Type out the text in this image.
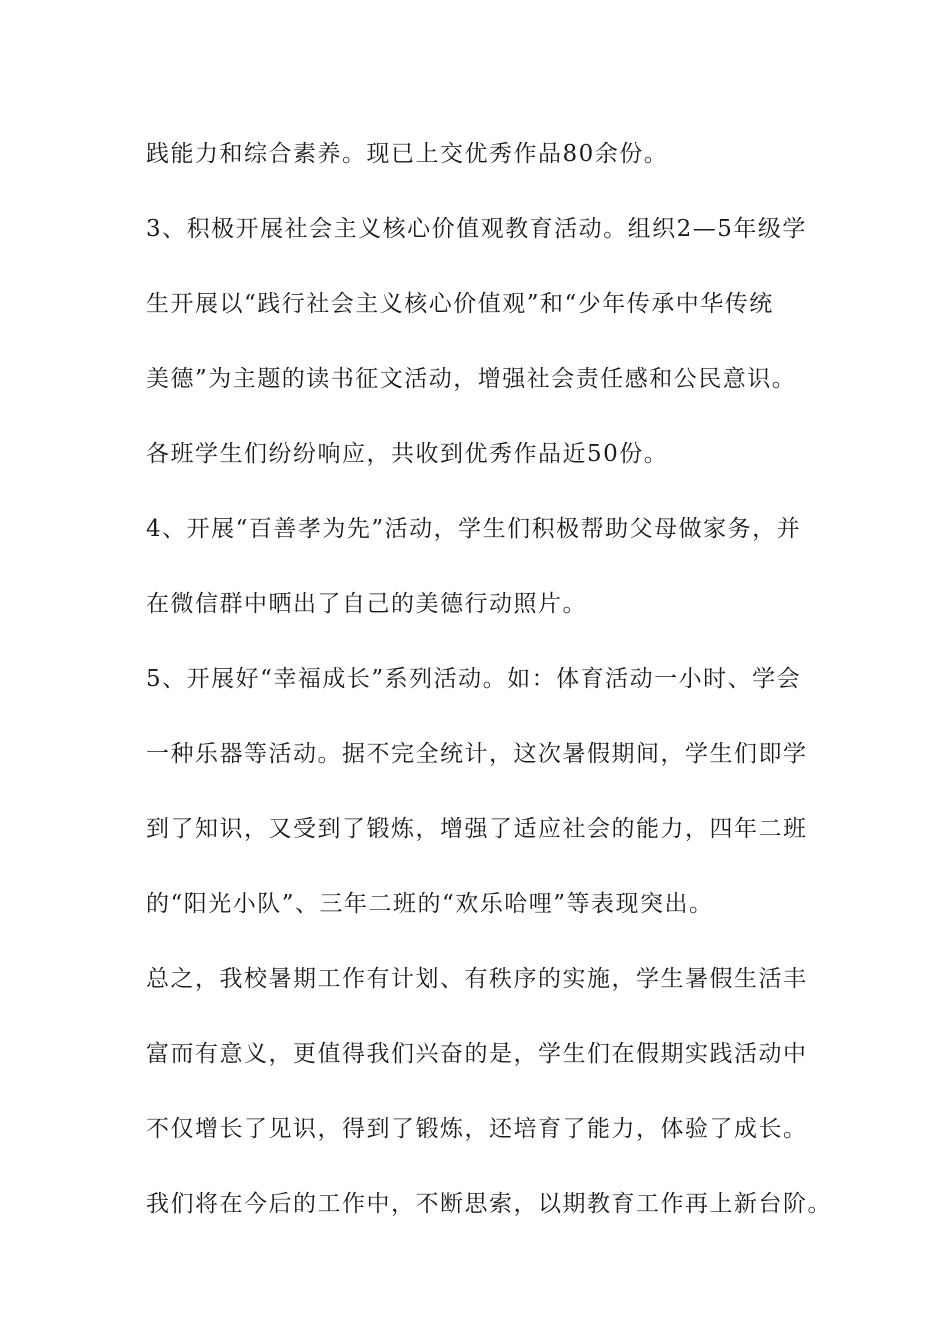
践能力和综合素养。现已上交优秀作品80余份。
3、积极开展社会主义核心价值观教育活动。组织2—5年级学
生开展以“践行社会主义核心价值观”和“少年传承中华传统
美德”为主题的读书征文活动，增强社会责任感和公民意识。
各班学生们纷纷响应，共收到优秀作品近50份。
4、开展“百善孝为先”活动，学生们积极帮助父母做家务，并
在微信群中晒出了自己的美德行动照片。
5、开展好“幸福成长”系列活动。如：体育活动一小时、学会
一种乐器等活动。据不完全统计，这次暑假期间，学生们即学
到了知识，又受到了锻炼，增强了适应社会的能力，四年二班
的“阳光小队”、三年二班的“欢乐哈哩”等表现突出。
总之，我校暑期工作有计划、有秩序的实施，学生暑假生活丰
富而有意义，更值得我们兴奋的是，学生们在假期实践活动中
不仅增长了见识，得到了锻炼，还培育了能力，体验了成长。
我们将在今后的工作中，不断思索，以期教育工作再上新台阶。
